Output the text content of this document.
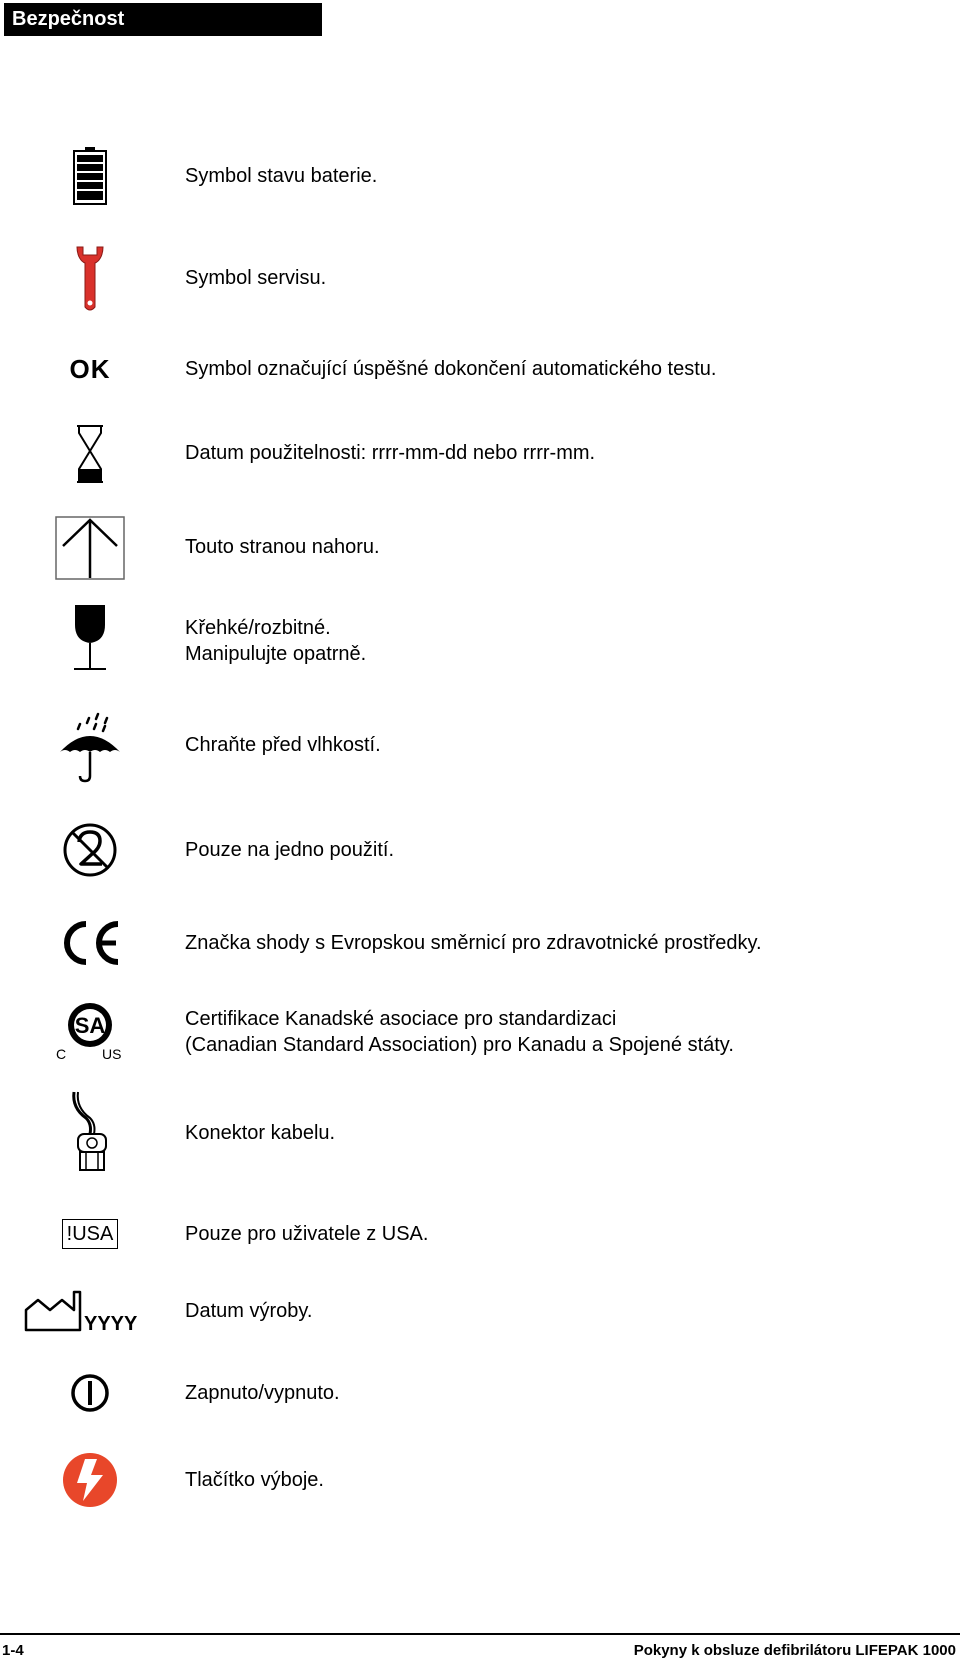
Bezpečnost
Symbol stavu baterie.
Symbol servisu.
OK	Symbol označující úspěšné dokončení automatického testu.
Datum použitelnosti: rrrr-mm-dd nebo rrrr-mm.
Touto stranou nahoru.
Křehké/rozbitné.
Manipulujte opatrně.
Chraňte před vlhkostí.
Pouze na jedno použití.
Značka shody s Evropskou směrnicí pro zdravotnické prostředky.
SA
C	US
Certifikace Kanadské asociace pro standardizaci
(Canadian Standard Association) pro Kanadu a Spojené státy.
Konektor kabelu.
!USA	Pouze pro uživatele z USA.
YYYY
Datum výroby.
Zapnuto/vypnuto.
Tlačítko výboje.
1-4	Pokyny k obsluze defibrilátoru LIFEPAK 1000
